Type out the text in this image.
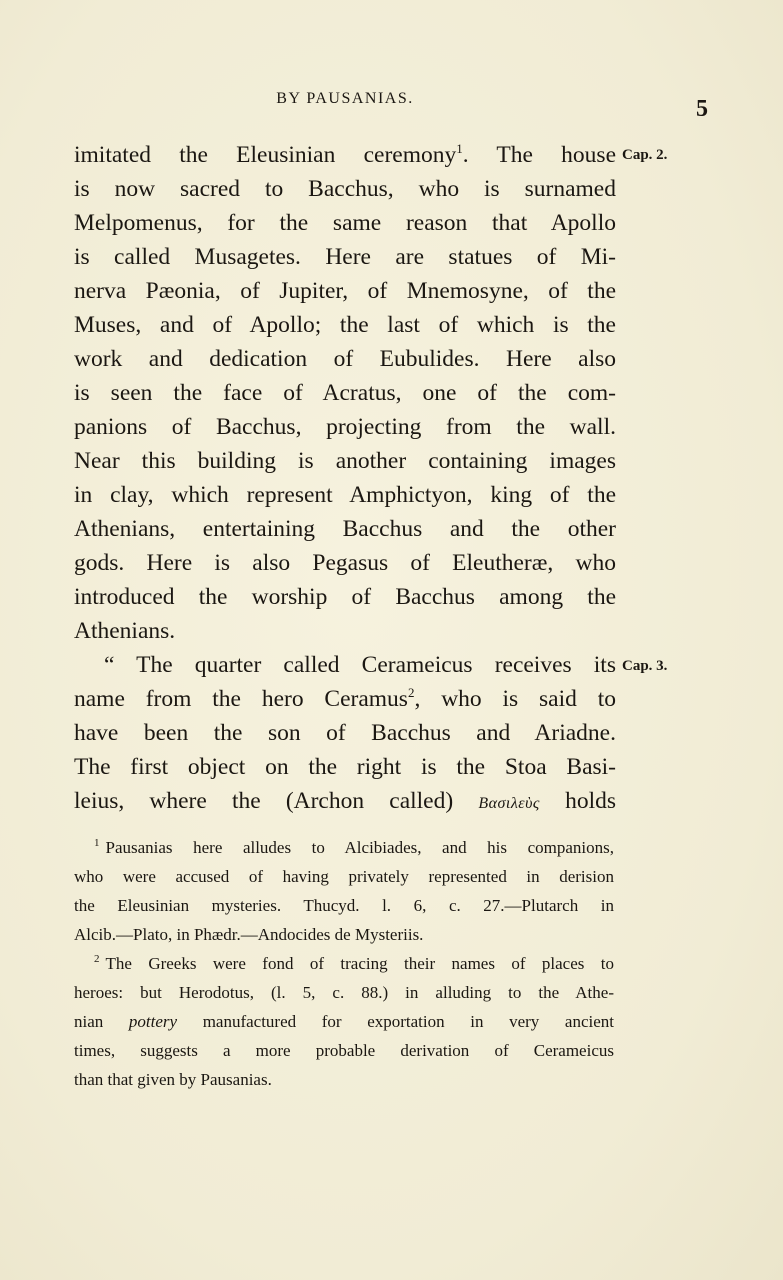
BY PAUSANIAS.	5
Cap. 2.
Cap. 3.
imitated the Eleusinian ceremony$^1$. The house
is now sacred to Bacchus, who is surnamed
Melpomenus, for the same reason that Apollo
is called Musagetes. Here are statues of Mi-
nerva Pæonia, of Jupiter, of Mnemosyne, of the
Muses, and of Apollo; the last of which is the
work and dedication of Eubulides. Here also
is seen the face of Acratus, one of the com-
panions of Bacchus, projecting from the wall.
Near this building is another containing images
in clay, which represent Amphictyon, king of the
Athenians, entertaining Bacchus and the other
gods. Here is also Pegasus of Eleutheræ, who
introduced the worship of Bacchus among the
Athenians.
“ The quarter called Cerameicus receives its
name from the hero Ceramus$^2$, who is said to
have been the son of Bacchus and Ariadne.
The first object on the right is the Stoa Basi-
leius, where the (Archon called) Βασιλεὺς holds
$^1$ Pausanias here alludes to Alcibiades, and his companions,
who were accused of having privately represented in derision
the Eleusinian mysteries. Thucyd. l. 6, c. 27.—Plutarch in
Alcib.—Plato, in Phædr.—Andocides de Mysteriis.
$^2$ The Greeks were fond of tracing their names of places to
heroes: but Herodotus, (l. 5, c. 88.) in alluding to the Athe-
nian pottery manufactured for exportation in very ancient
times, suggests a more probable derivation of Cerameicus
than that given by Pausanias.
